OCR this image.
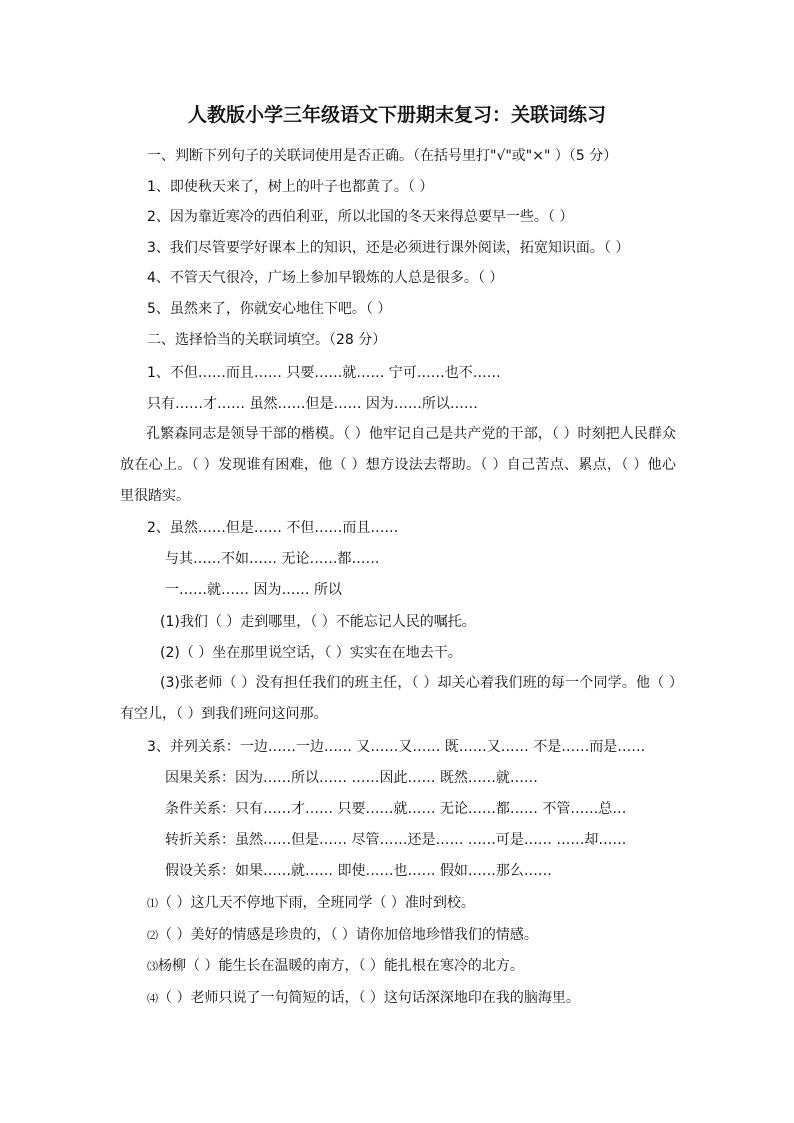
人教版小学三年级语文下册期末复习：关联词练习
一、判断下列句子的关联词使用是否正确。（在括号里打"√"或"×" ）（5 分）
1、即使秋天来了，树上的叶子也都黄了。（ ）
2、因为靠近寒冷的西伯利亚，所以北国的冬天来得总要早一些。（ ）
3、我们尽管要学好课本上的知识，还是必须进行课外阅读，拓宽知识面。（ ）
4、不管天气很冷，广场上参加早锻炼的人总是很多。（ ）
5、虽然来了，你就安心地住下吧。（ ）
二、选择恰当的关联词填空。（28 分）
1、不但……而且…… 只要……就…… 宁可……也不……
只有……才…… 虽然……但是…… 因为……所以……
孔繁森同志是领导干部的楷模。（ ）他牢记自己是共产党的干部，（ ）时刻把人民群众放在心上。（ ）发现谁有困难，他（ ）想方设法去帮助。（ ）自己苦点、累点，（ ）他心里很踏实。
2、虽然……但是…… 不但……而且……
与其……不如…… 无论……都……
一……就…… 因为…… 所以
(1)我们（ ）走到哪里，（ ）不能忘记人民的嘱托。
(2)（ ）坐在那里说空话，（ ）实实在在地去干。
(3)张老师（ ）没有担任我们的班主任，（ ）却关心着我们班的每一个同学。他（ ）有空儿，（ ）到我们班问这问那。
3、并列关系：一边……一边…… 又……又…… 既……又…… 不是……而是……
因果关系：因为……所以…… ……因此…… 既然……就……
条件关系：只有……才…… 只要……就…… 无论……都…… 不管……总…
转折关系：虽然……但是…… 尽管……还是…… ……可是…… ……却……
假设关系：如果……就…… 即使……也…… 假如……那么……
⑴（ ）这几天不停地下雨，全班同学（ ）准时到校。
⑵（ ）美好的情感是珍贵的，（ ）请你加倍地珍惜我们的情感。
⑶杨柳（ ）能生长在温暖的南方，（ ）能扎根在寒冷的北方。
⑷（ ）老师只说了一句简短的话，（ ）这句话深深地印在我的脑海里。
